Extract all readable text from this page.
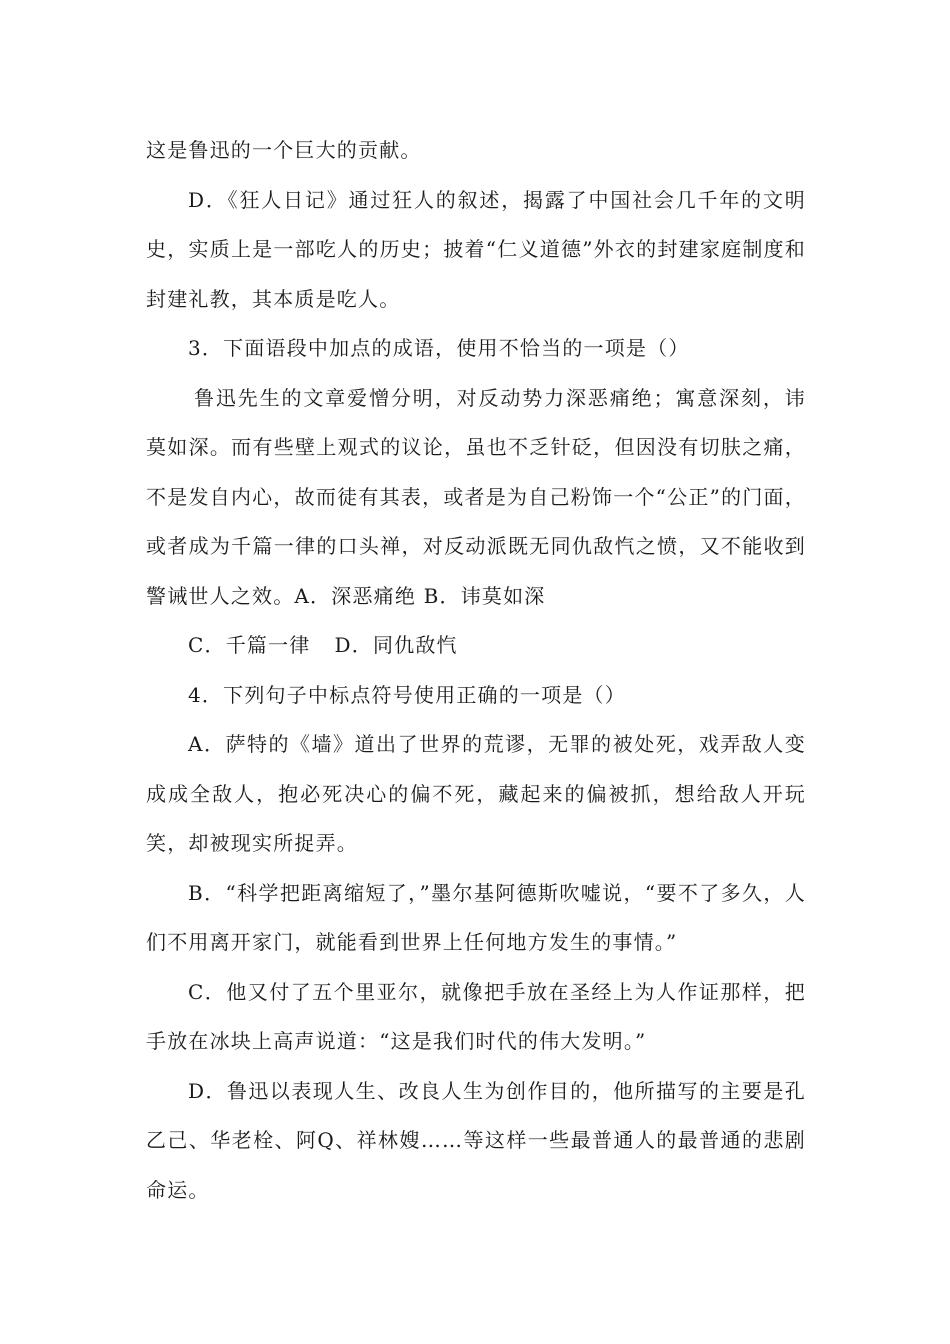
这是鲁迅的一个巨大的贡献。

D．《狂人日记》通过狂人的叙述，揭露了中国社会几千年的文明史，实质上是一部吃人的历史；披着“仁义道德”外衣的封建家庭制度和封建礼教，其本质是吃人。

3．下面语段中加点的成语，使用不恰当的一项是（）

鲁迅先生的文章爱憎分明，对反动势力深恶痛绝；寓意深刻，讳莫如深。而有些壁上观式的议论，虽也不乏针砭，但因没有切肤之痛，不是发自内心，故而徒有其表，或者是为自己粉饰一个“公正”的门面，或者成为千篇一律的口头禅，对反动派既无同仇敌忾之愤，又不能收到警诫世人之效。A．深恶痛绝 B．讳莫如深

C．千篇一律 D．同仇敌忾

4．下列句子中标点符号使用正确的一项是（）

A．萨特的《墙》道出了世界的荒谬，无罪的被处死，戏弄敌人变成成全敌人，抱必死决心的偏不死，藏起来的偏被抓，想给敌人开玩笑，却被现实所捉弄。

B．“科学把距离缩短了，”墨尔基阿德斯吹嘘说，“要不了多久，人们不用离开家门，就能看到世界上任何地方发生的事情。”

C．他又付了五个里亚尔，就像把手放在圣经上为人作证那样，把手放在冰块上高声说道：“这是我们时代的伟大发明。”

D．鲁迅以表现人生、改良人生为创作目的，他所描写的主要是孔乙己、华老栓、阿Q、祥林嫂……等这样一些最普通人的最普通的悲剧命运。
